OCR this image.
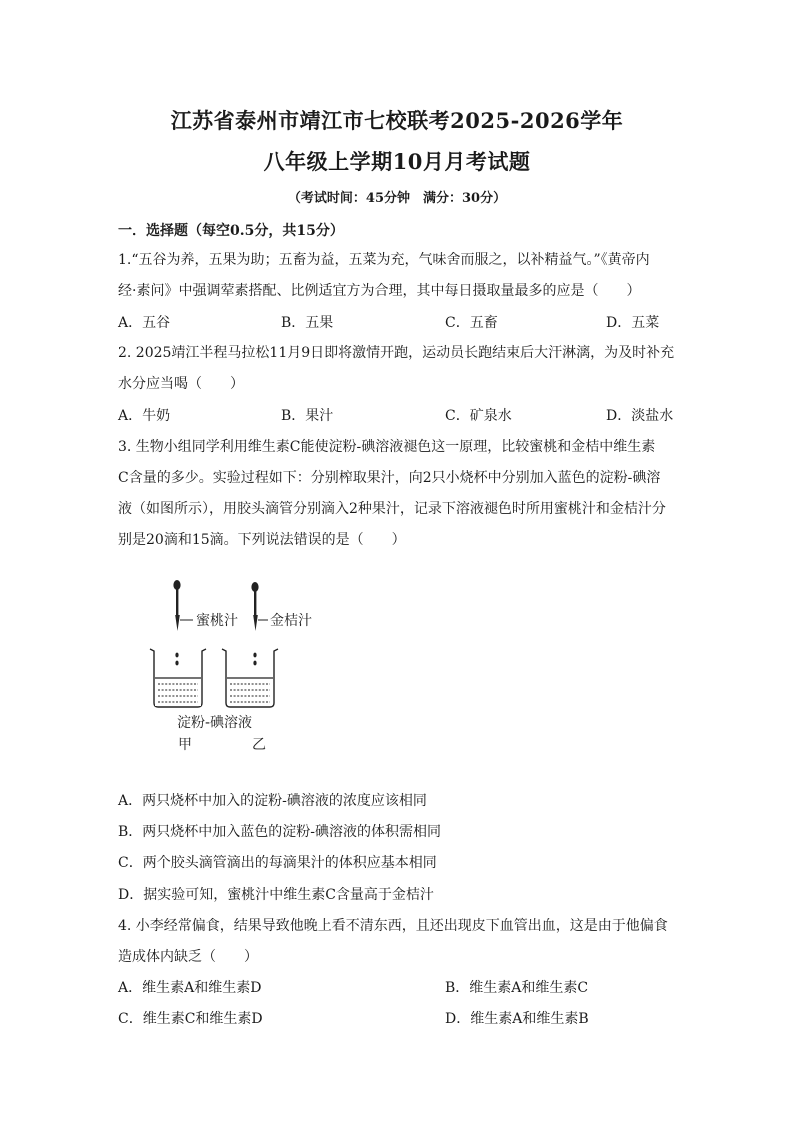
江苏省泰州市靖江市七校联考2025-2026学年
八年级上学期10月月考试题
（考试时间：45分钟　满分：30分）
一．选择题（每空0.5分，共15分）
1.“五谷为养，五果为助；五畜为益，五菜为充，气味舍而服之，以补精益气。”《黄帝内
经·素问》中强调荤素搭配、比例适宜方为合理，其中每日摄取量最多的应是（　　）
A．五谷	B．五果	C．五畜	D．五菜
2. 2025靖江半程马拉松11月9日即将激情开跑，运动员长跑结束后大汗淋漓，为及时补充
水分应当喝（　　）
A．牛奶	B．果汁	C．矿泉水	D．淡盐水
3. 生物小组同学利用维生素C能使淀粉-碘溶液褪色这一原理，比较蜜桃和金桔中维生素
C含量的多少。实验过程如下：分别榨取果汁，向2只小烧杯中分别加入蓝色的淀粉-碘溶
液（如图所示），用胶头滴管分别滴入2种果汁，记录下溶液褪色时所用蜜桃汁和金桔汁分
别是20滴和15滴。下列说法错误的是（　　）
蜜桃汁 金桔汁
淀粉-碘溶液
甲	乙
A．两只烧杯中加入的淀粉-碘溶液的浓度应该相同
B．两只烧杯中加入蓝色的淀粉-碘溶液的体积需相同
C．两个胶头滴管滴出的每滴果汁的体积应基本相同
D．据实验可知，蜜桃汁中维生素C含量高于金桔汁
4. 小李经常偏食，结果导致他晚上看不清东西，且还出现皮下血管出血，这是由于他偏食
造成体内缺乏（　　）
A．维生素A和维生素D	B．维生素A和维生素C
C．维生素C和维生素D	D．维生素A和维生素B
